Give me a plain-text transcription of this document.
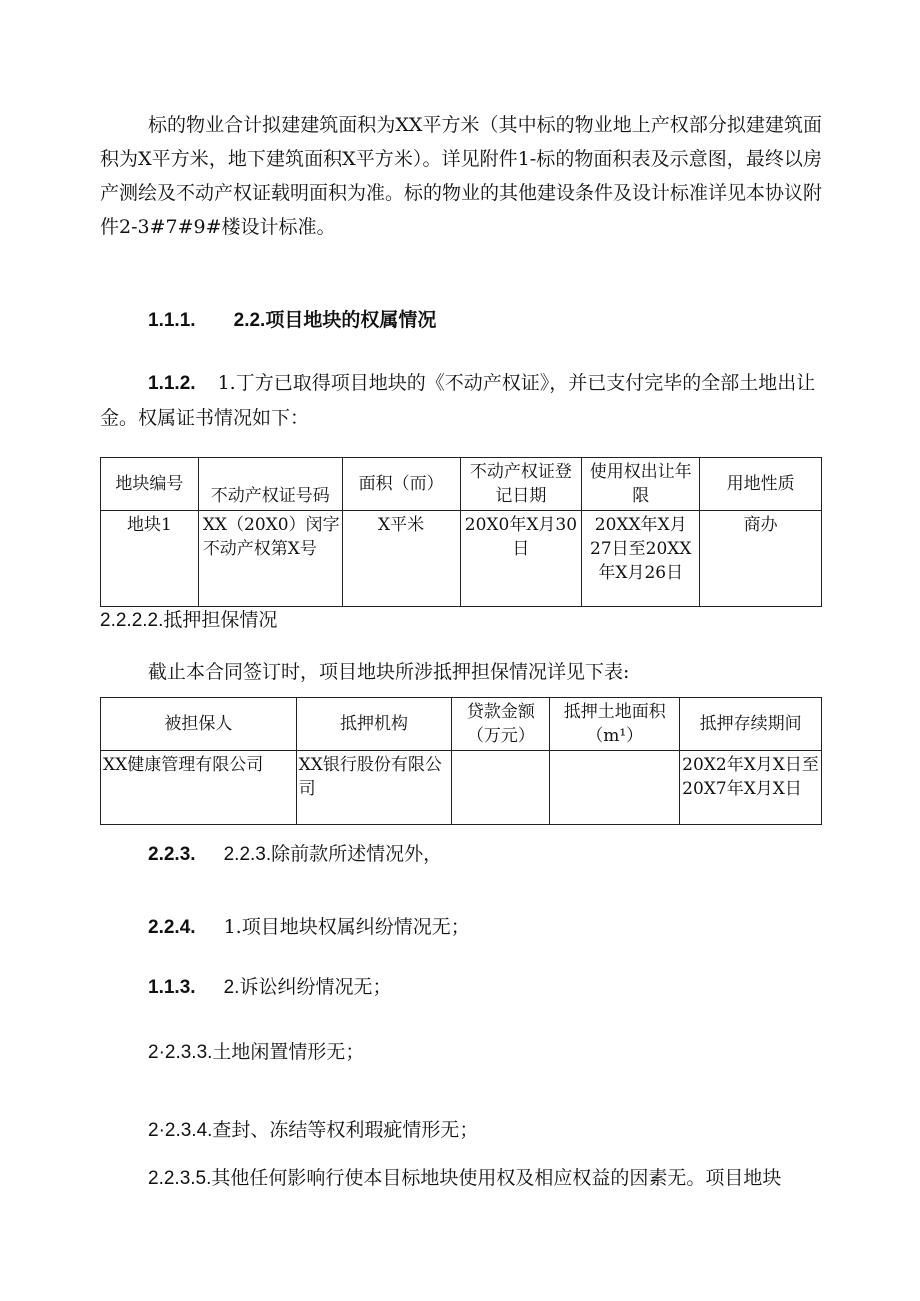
标的物业合计拟建建筑面积为XX平方米（其中标的物业地上产权部分拟建建筑面积为X平方米，地下建筑面积X平方米）。详见附件1-标的物面积表及示意图，最终以房产测绘及不动产权证载明面积为准。标的物业的其他建设条件及设计标准详见本协议附件2-3#7#9#楼设计标准。
1.1.1. 2.2.项目地块的权属情况
1.1.2. 1.丁方已取得项目地块的《不动产权证》，并已支付完毕的全部土地出让金。权属证书情况如下：
地块编号	不动产权证号码	面积（而）	不动产权证登记日期	使用权出让年限	用地性质
地块1	XX（20X0）闵字不动产权第X号	X平米	20X0年X月30日	20XX年X月27日至20XX年X月26日	商办
2.2.2.2.抵押担保情况
截止本合同签订时，项目地块所涉抵押担保情况详见下表:
被担保人	抵押机构	贷款金额（万元）	抵押土地面积（m¹）	抵押存续期间
XX健康管理有限公司	XX银行股份有限公司			20X2年X月X日至20X7年X月X日
2.2.3. 2.2.3.除前款所述情况外，
2.2.4. 1.项目地块权属纠纷情况无；
1.1.3. 2.诉讼纠纷情况无；
2·2.3.3.土地闲置情形无；
2·2.3.4.查封、冻结等权利瑕疵情形无；
2.2.3.5.其他任何影响行使本目标地块使用权及相应权益的因素无。项目地块
